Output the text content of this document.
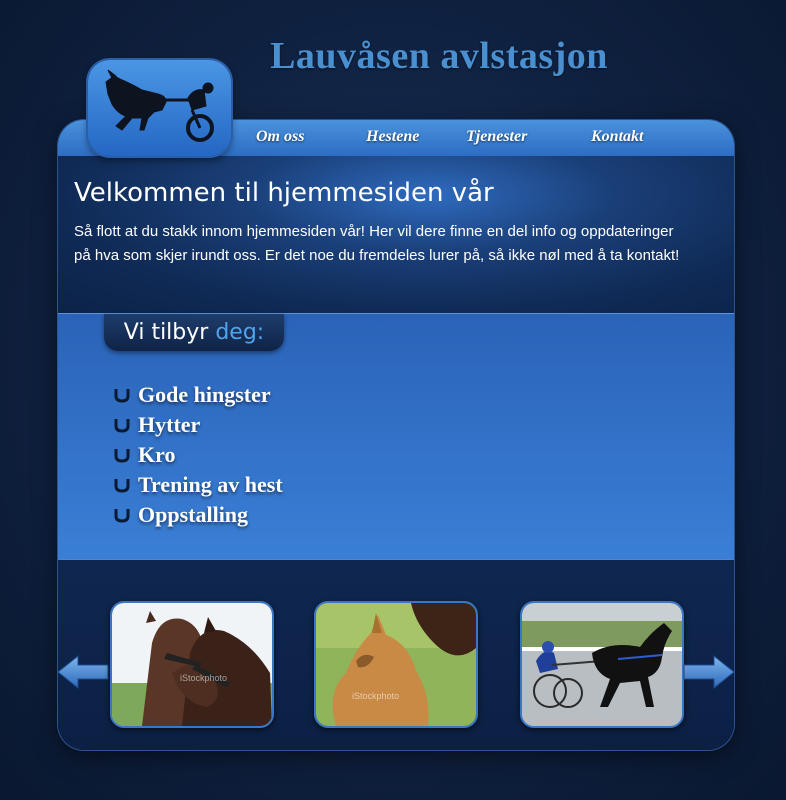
Lauvåsen avlstasjon
Om oss	Hestene	Tjenester	Kontakt
Velkommen til hjemmesiden vår

Så flott at du stakk innom hjemmesiden vår! Her vil dere finne en del info og oppdateringer på hva som skjer irundt oss. Er det noe du fremdeles lurer på, så ikke nøl med å ta kontakt!

Vi tilbyr deg:
Gode hingster
Hytter
Kro
Trening av hest
Oppstalling
iStockphoto
iStockphoto
